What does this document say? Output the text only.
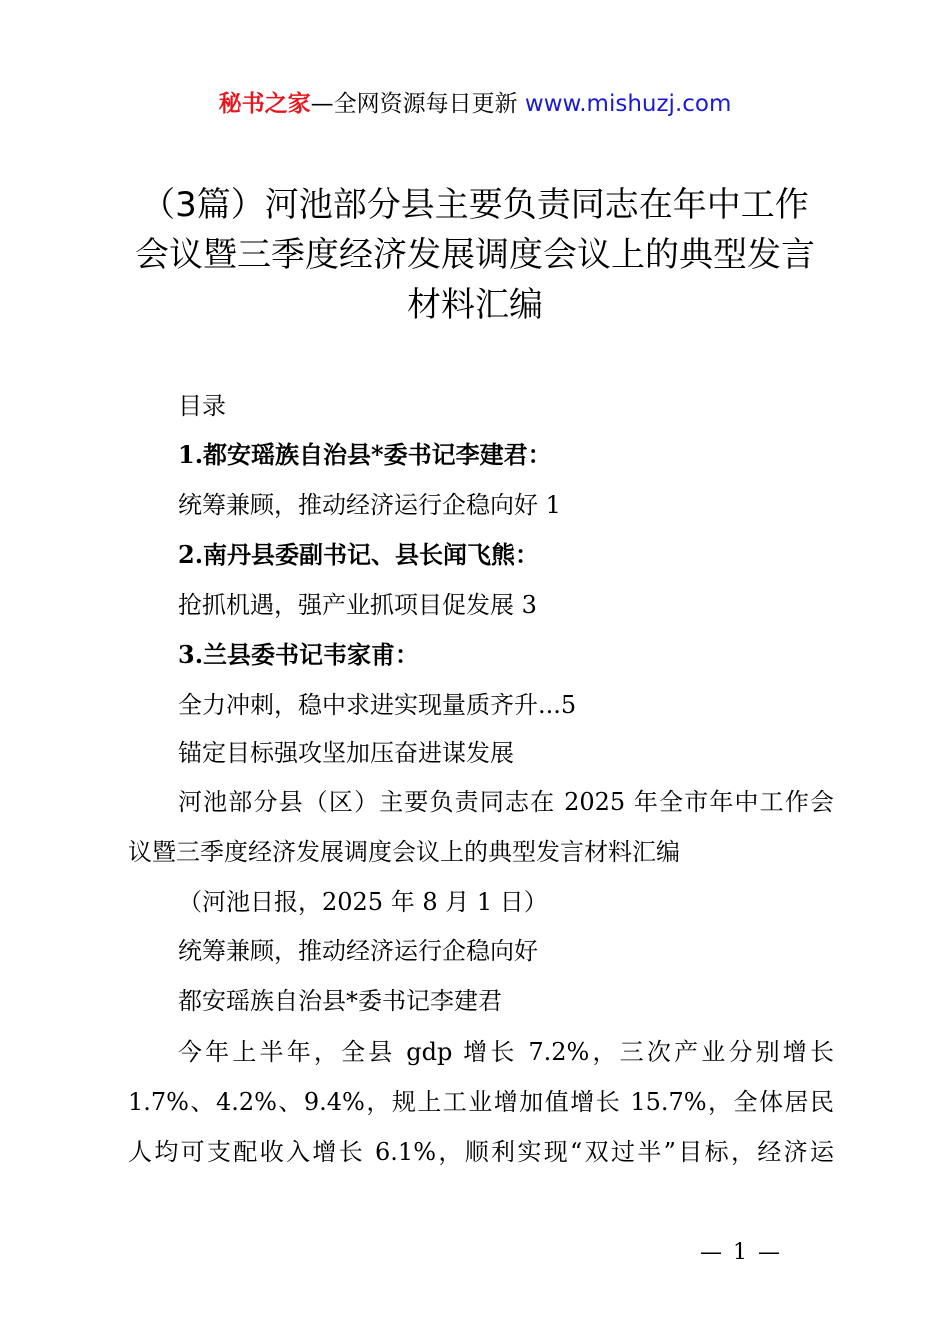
秘书之家—全网资源每日更新 www.mishuzj.com
（3篇）河池部分县主要负责同志在年中工作
会议暨三季度经济发展调度会议上的典型发言
材料汇编
目录
1.都安瑶族自治县*委书记李建君：
统筹兼顾，推动经济运行企稳向好 1
2.南丹县委副书记、县长闻飞熊：
抢抓机遇，强产业抓项目促发展 3
3.兰县委书记韦家甫：
全力冲刺，稳中求进实现量质齐升...5
锚定目标强攻坚加压奋进谋发展
河池部分县（区）主要负责同志在 2025 年全市年中工作会
议暨三季度经济发展调度会议上的典型发言材料汇编
（河池日报，2025 年 8 月 1 日）
统筹兼顾，推动经济运行企稳向好
都安瑶族自治县*委书记李建君
今年上半年，全县 gdp 增长 7.2%，三次产业分别增长
1.7%、4.2%、9.4%，规上工业增加值增长 15.7%，全体居民
人均可支配收入增长 6.1%，顺利实现“双过半”目标，经济运
— 1 —
